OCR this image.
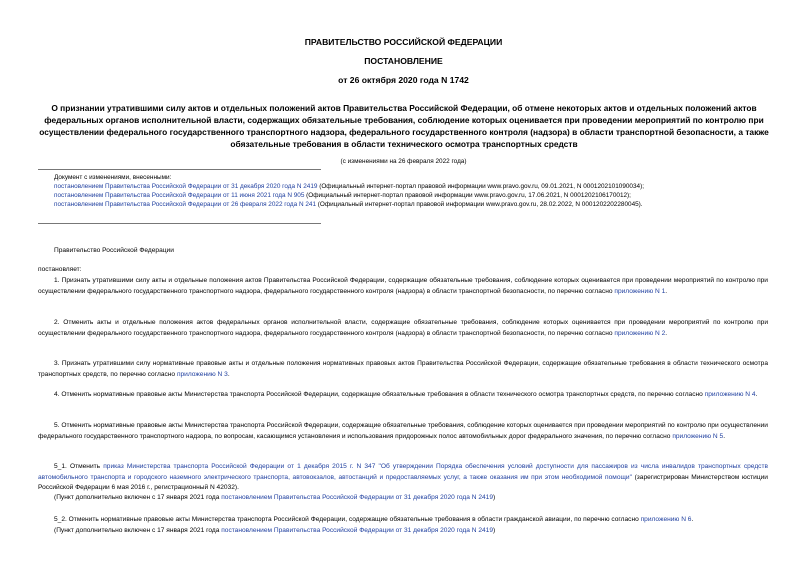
ПРАВИТЕЛЬСТВО РОССИЙСКОЙ ФЕДЕРАЦИИ
ПОСТАНОВЛЕНИЕ
от 26 октября 2020 года N 1742
О признании утратившими силу актов и отдельных положений актов Правительства Российской Федерации, об отмене некоторых актов и отдельных положений актов федеральных органов исполнительной власти, содержащих обязательные требования, соблюдение которых оценивается при проведении мероприятий по контролю при осуществлении федерального государственного транспортного надзора, федерального государственного контроля (надзора) в области транспортной безопасности, а также обязательные требования в области технического осмотра транспортных средств
(с изменениями на 26 февраля 2022 года)
Документ с изменениями, внесенными:
постановлением Правительства Российской Федерации от 31 декабря 2020 года N 2419 (Официальный интернет-портал правовой информации www.pravo.gov.ru, 09.01.2021, N 0001202101090034);
постановлением Правительства Российской Федерации от 11 июня 2021 года N 905 (Официальный интернет-портал правовой информации www.pravo.gov.ru, 17.06.2021, N 0001202106170012);
постановлением Правительства Российской Федерации от 26 февраля 2022 года N 241 (Официальный интернет-портал правовой информации www.pravo.gov.ru, 28.02.2022, N 0001202202280045).
Правительство Российской Федерации
постановляет:
1. Признать утратившими силу акты и отдельные положения актов Правительства Российской Федерации, содержащие обязательные требования, соблюдение которых оценивается при проведении мероприятий по контролю при осуществлении федерального государственного транспортного надзора, федерального государственного контроля (надзора) в области транспортной безопасности, по перечню согласно приложению N 1.
2. Отменить акты и отдельные положения актов федеральных органов исполнительной власти, содержащие обязательные требования, соблюдение которых оценивается при проведении мероприятий по контролю при осуществлении федерального государственного транспортного надзора, федерального государственного контроля (надзора) в области транспортной безопасности, по перечню согласно приложению N 2.
3. Признать утратившими силу нормативные правовые акты и отдельные положения нормативных правовых актов Правительства Российской Федерации, содержащие обязательные требования в области технического осмотра транспортных средств, по перечню согласно приложению N 3.
4. Отменить нормативные правовые акты Министерства транспорта Российской Федерации, содержащие обязательные требования в области технического осмотра транспортных средств, по перечню согласно приложению N 4.
5. Отменить нормативные правовые акты Министерства транспорта Российской Федерации, содержащие обязательные требования, соблюдение которых оценивается при проведении мероприятий по контролю при осуществлении федерального государственного транспортного надзора, по вопросам, касающимся установления и использования придорожных полос автомобильных дорог федерального значения, по перечню согласно приложению N 5.
5_1. Отменить приказ Министерства транспорта Российской Федерации от 1 декабря 2015 г. N 347 "Об утверждении Порядка обеспечения условий доступности для пассажиров из числа инвалидов транспортных средств автомобильного транспорта и городского наземного электрического транспорта, автовокзалов, автостанций и предоставляемых услуг, а также оказания им при этом необходимой помощи" (зарегистрирован Министерством юстиции Российской Федерации 6 мая 2016 г., регистрационный N 42032).
(Пункт дополнительно включен с 17 января 2021 года постановлением Правительства Российской Федерации от 31 декабря 2020 года N 2419)
5_2. Отменить нормативные правовые акты Министерства транспорта Российской Федерации, содержащие обязательные требования в области гражданской авиации, по перечню согласно приложению N 6.
(Пункт дополнительно включен с 17 января 2021 года постановлением Правительства Российской Федерации от 31 декабря 2020 года N 2419)
